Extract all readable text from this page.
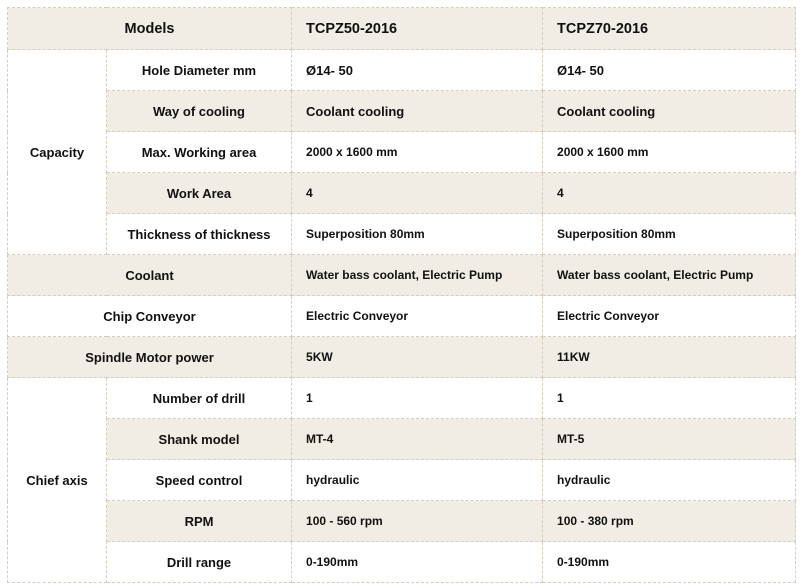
Models		TCPZ50-2016	TCPZ70-2016
Capacity	Hole Diameter mm	Ø14- 50	Ø14- 50
	Way of cooling	Coolant cooling	Coolant cooling
	Max. Working area	2000 x 1600 mm	2000 x 1600 mm
	Work Area	4	4
	Thickness of thickness	Superposition 80mm	Superposition 80mm
Coolant		Water bass coolant, Electric Pump	Water bass coolant, Electric Pump
Chip Conveyor		Electric Conveyor	Electric Conveyor
Spindle Motor power		5KW	11KW
Chief axis	Number of drill	1	1
	Shank model	MT-4	MT-5
	Speed control	hydraulic	hydraulic
	RPM	100 - 560 rpm	100 - 380 rpm
	Drill range	0-190mm	0-190mm
